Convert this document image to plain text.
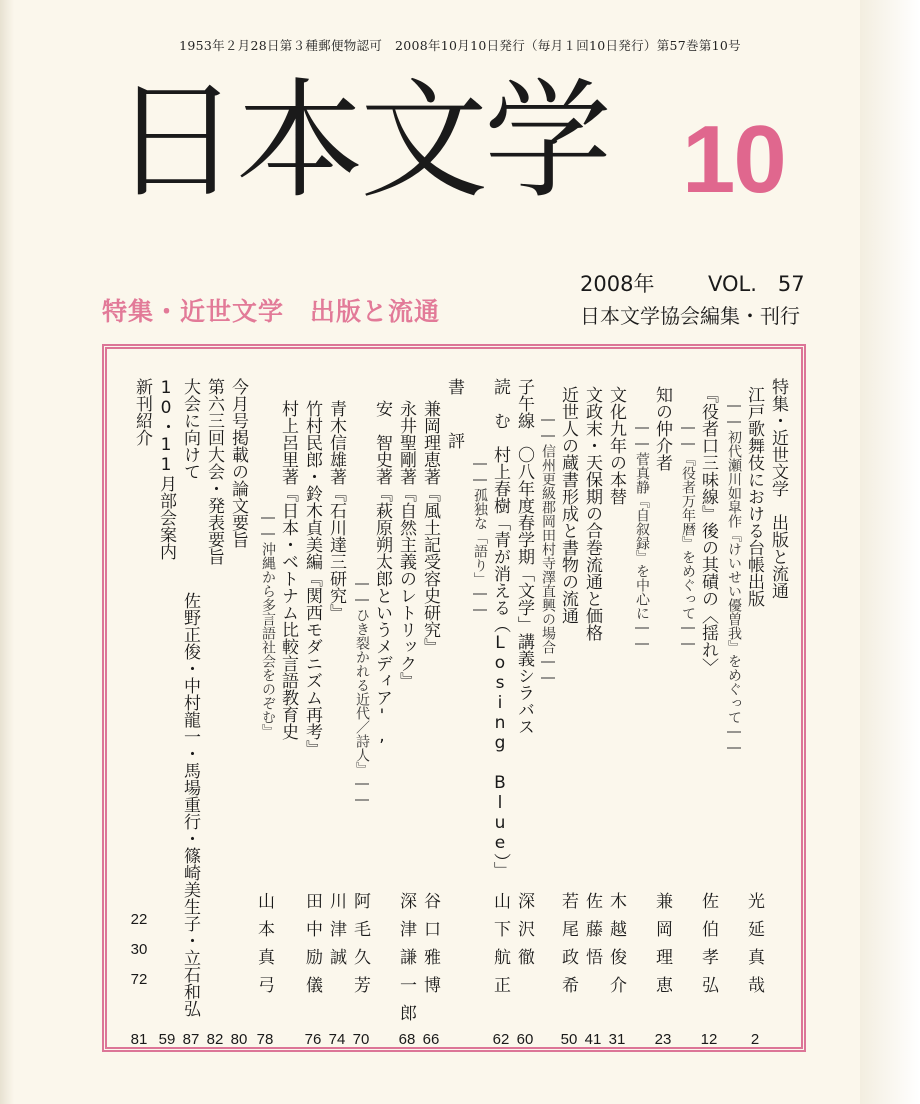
1953年２月28日第３種郵便物認可　2008年10月10日発行（毎月１回10日発行）第57巻第10号
日本文学 10
特集・近世文学　出版と流通
2008年	VOL.　57
日本文学協会編集・刊行
特集・近世文学　出版と流通
江戸歌舞伎における台帳出版
――初代瀬川如皐作『けいせい優曽我』をめぐって――
『役者口三味線』後の其磧の〈揺れ〉
――『役者万年暦』をめぐって――
知の仲介者
――菅真静『自叙録』を中心に――
文化九年の本替
文政末・天保期の合巻流通と価格
近世人の蔵書形成と書物の流通
――信州更級郡岡田村寺澤直興の場合――
子午線　〇八年度春学期「文学」講義シラバス
読　む　村上春樹「青が消える（Losing Blue）」
――孤独な「語り」――
書　評
兼岡理恵著『風土記受容史研究』
永井聖剛著『自然主義のレトリック』
安　智史著『萩原朔太郎というメディア',
――ひき裂かれる近代／詩人』――
青木信雄著『石川達三研究』
竹村民郎・鈴木貞美編『関西モダニズム再考』
村上呂里著『日本・ベトナム比較言語教育史
――沖縄から多言語社会をのぞむ』
今月号掲載の論文要旨
第六三回大会・発表要旨
大会に向けて
佐野正俊・中村龍一・馬場重行・篠崎美生子・立石和弘
10・11月部会案内
新刊紹介
光延真哉
佐伯孝弘
兼岡理恵
木越俊介
佐藤悟
若尾政希
深沢徹
山下航正
谷口雅博
深津謙一郎
阿毛久芳
川津誠
田中励儀
山本真弓
2
12
23
31
41
50
60
62
66
68
70
74
76
78
80
82
87
59
81
72
30
22
